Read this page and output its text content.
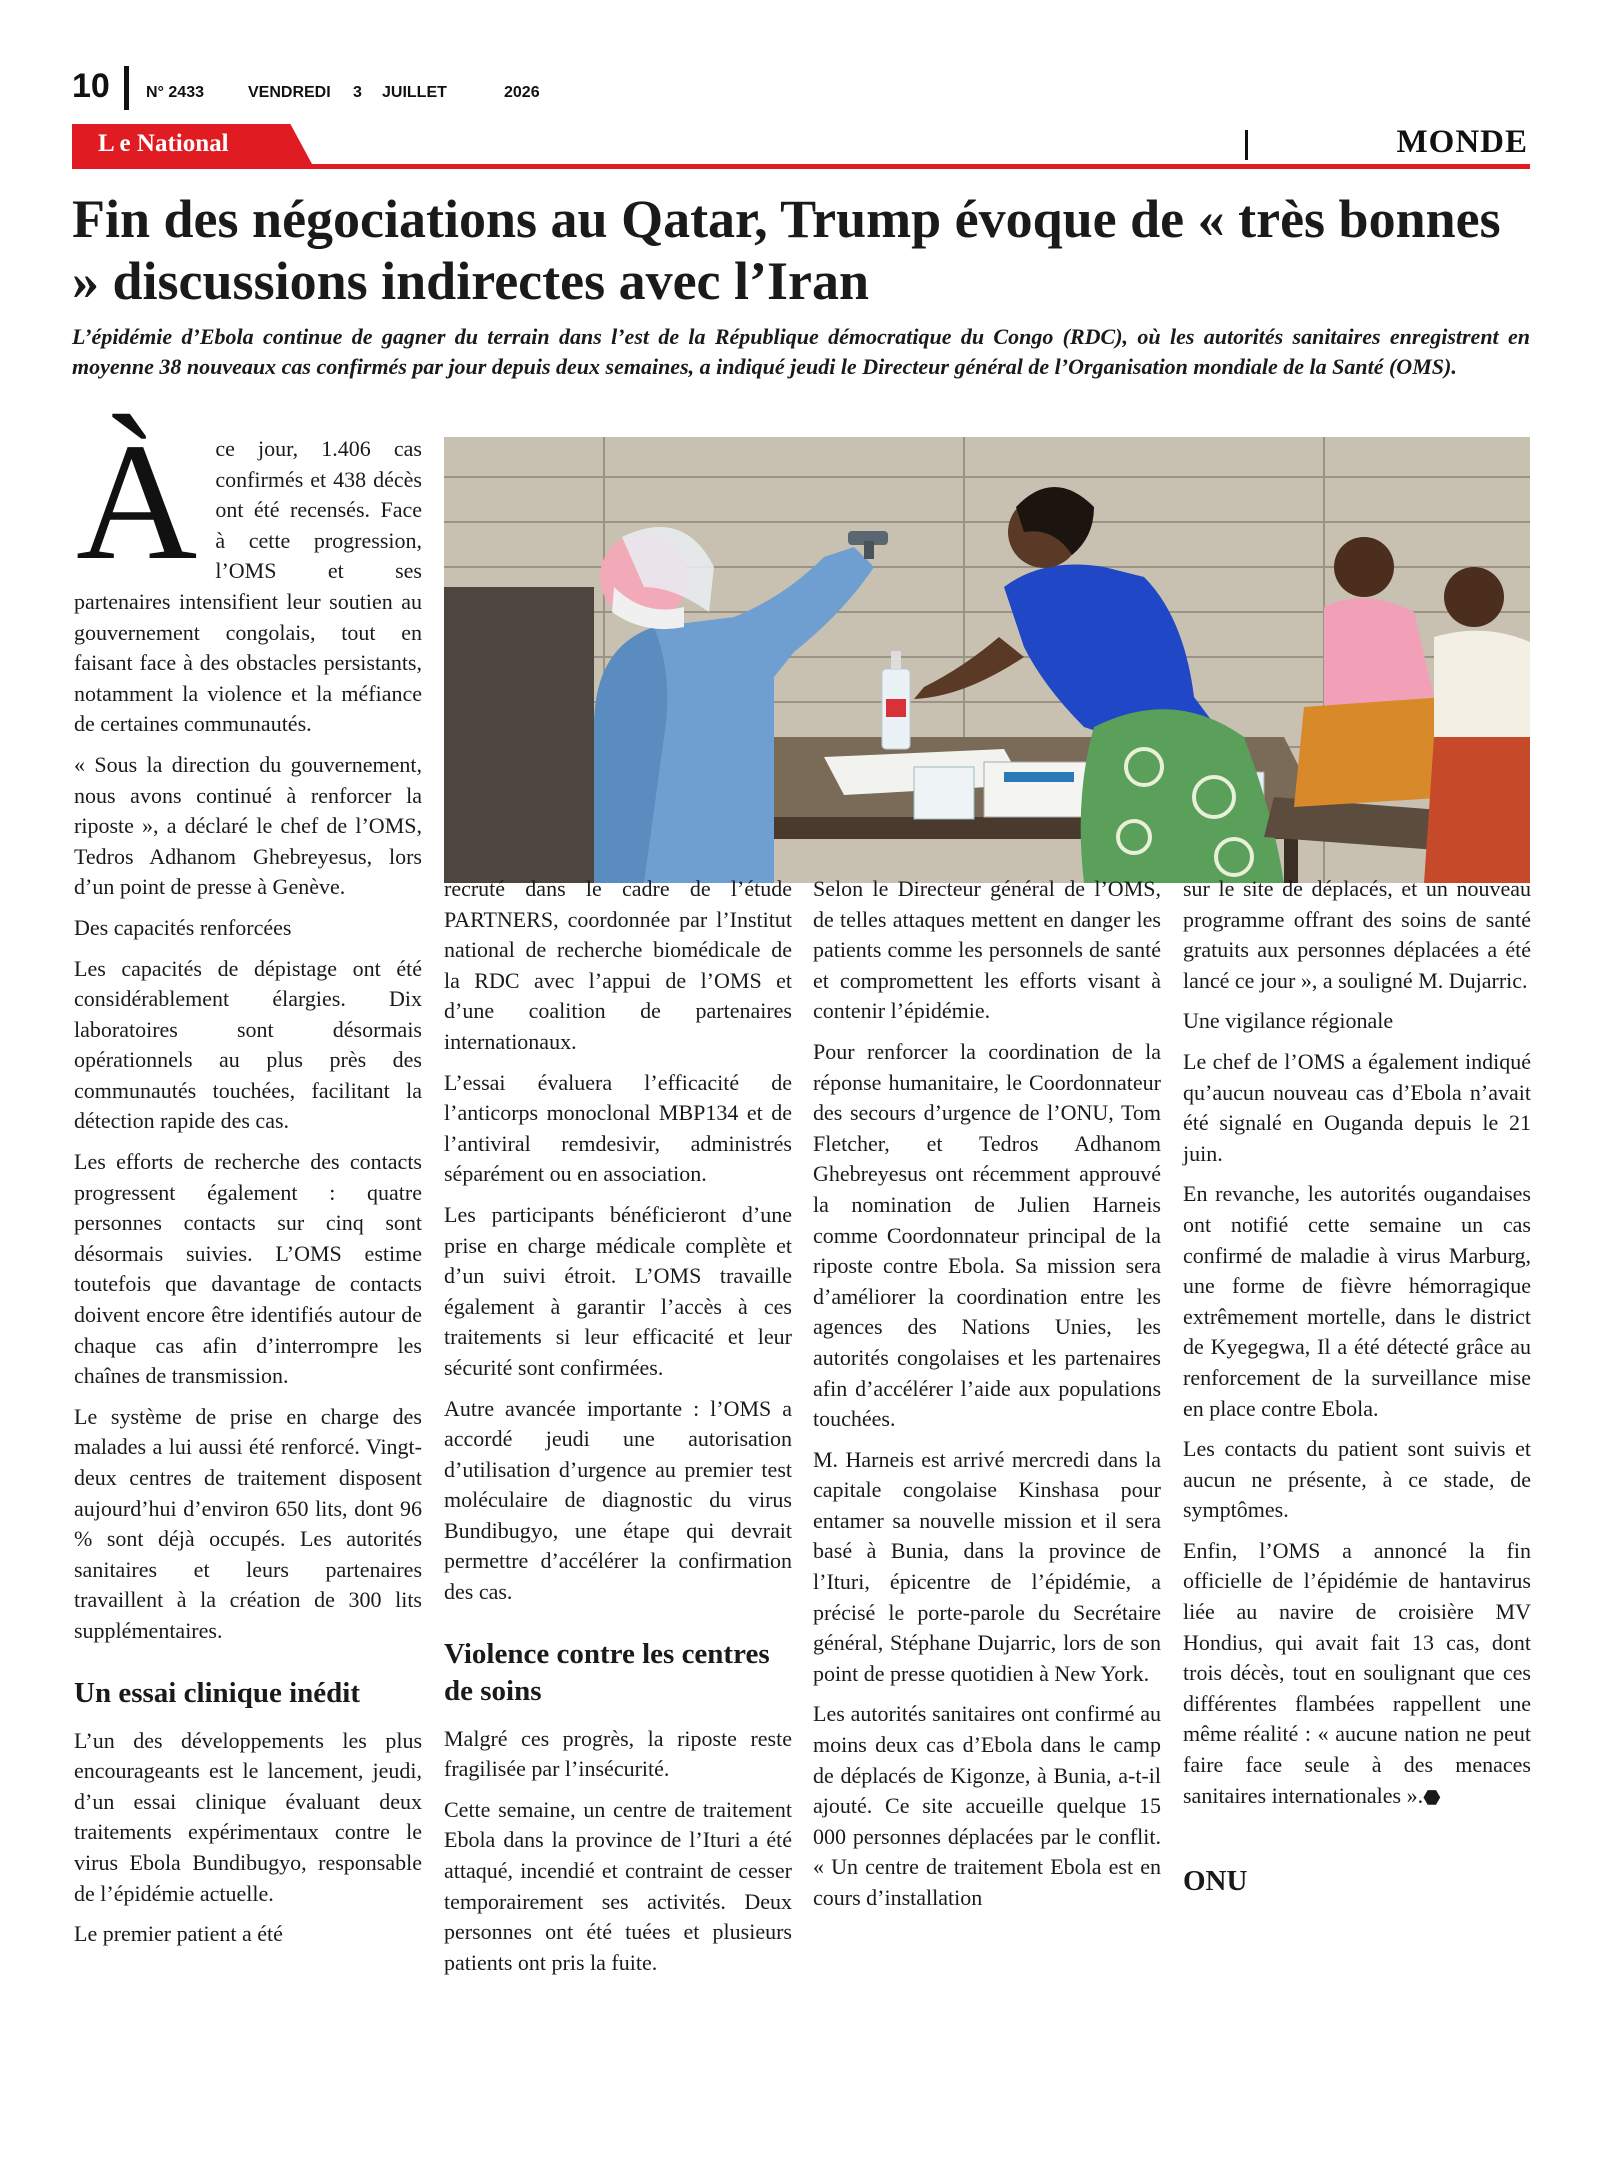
10 N° 2433	VENDREDI 3 JUILLET	2026
L e National	MONDE
Fin des négociations au Qatar, Trump évoque de « très bonnes » discussions indirectes avec l’Iran

L’épidémie d’Ebola continue de gagner du terrain dans l’est de la République démocratique du Congo (RDC), où les autorités sanitaires enregistrent en moyenne 38 nouveaux cas confirmés par jour depuis deux semaines, a indiqué jeudi le Directeur général de l’Organisation mondiale de la Santé (OMS).

Àce jour, 1.406 cas confirmés et 438 décès ont été recensés. Face à cette progression, l’OMS et ses partenaires intensifient leur soutien au gouvernement congolais, tout en faisant face à des obstacles persistants, notamment la violence et la méfiance de certaines communautés.

« Sous la direction du gouvernement, nous avons continué à renforcer la riposte », a déclaré le chef de l’OMS, Tedros Adhanom Ghebreyesus, lors d’un point de presse à Genève.

Des capacités renforcées

Les capacités de dépistage ont été considérablement élargies. Dix laboratoires sont désormais opérationnels au plus près des communautés touchées, facilitant la détection rapide des cas.

Les efforts de recherche des contacts progressent également : quatre personnes contacts sur cinq sont désormais suivies. L’OMS estime toutefois que davantage de contacts doivent encore être identifiés autour de chaque cas afin d’interrompre les chaînes de transmission.

Le système de prise en charge des malades a lui aussi été renforcé. Vingt-deux centres de traitement disposent aujourd’hui d’environ 650 lits, dont 96 % sont déjà occupés. Les autorités sanitaires et leurs partenaires travaillent à la création de 300 lits supplémentaires.

Un essai clinique inédit

L’un des développements les plus encourageants est le lancement, jeudi, d’un essai clinique évaluant deux traitements expérimentaux contre le virus Ebola Bundibugyo, responsable de l’épidémie actuelle.

Le premier patient a été

recruté dans le cadre de l’étude PARTNERS, coordonnée par l’Institut national de recherche biomédicale de la RDC avec l’appui de l’OMS et d’une coalition de partenaires internationaux.

L’essai évaluera l’efficacité de l’anticorps monoclonal MBP134 et de l’antiviral remdesivir, administrés séparément ou en association.

Les participants bénéficieront d’une prise en charge médicale complète et d’un suivi étroit. L’OMS travaille également à garantir l’accès à ces traitements si leur efficacité et leur sécurité sont confirmées.

Autre avancée importante : l’OMS a accordé jeudi une autorisation d’utilisation d’urgence au premier test moléculaire de diagnostic du virus Bundibugyo, une étape qui devrait permettre d’accélérer la confirmation des cas.

Violence contre les centres de soins

Malgré ces progrès, la riposte reste fragilisée par l’insécurité.

Cette semaine, un centre de traitement Ebola dans la province de l’Ituri a été attaqué, incendié et contraint de cesser temporairement ses activités. Deux personnes ont été tuées et plusieurs patients ont pris la fuite.

Selon le Directeur général de l’OMS, de telles attaques mettent en danger les patients comme les personnels de santé et compromettent les efforts visant à contenir l’épidémie.

Pour renforcer la coordination de la réponse humanitaire, le Coordonnateur des secours d’urgence de l’ONU, Tom Fletcher, et Tedros Adhanom Ghebreyesus ont récemment approuvé la nomination de Julien Harneis comme Coordonnateur principal de la riposte contre Ebola. Sa mission sera d’améliorer la coordination entre les agences des Nations Unies, les autorités congolaises et les partenaires afin d’accélérer l’aide aux populations touchées.

M. Harneis est arrivé mercredi dans la capitale congolaise Kinshasa pour entamer sa nouvelle mission et il sera basé à Bunia, dans la province de l’Ituri, épicentre de l’épidémie, a précisé le porte-parole du Secrétaire général, Stéphane Dujarric, lors de son point de presse quotidien à New York.

Les autorités sanitaires ont confirmé au moins deux cas d’Ebola dans le camp de déplacés de Kigonze, à Bunia, a-t-il ajouté. Ce site accueille quelque 15 000 personnes déplacées par le conflit. « Un centre de traitement Ebola est en cours d’installation

sur le site de déplacés, et un nouveau programme offrant des soins de santé gratuits aux personnes déplacées a été lancé ce jour », a souligné M. Dujarric.

Une vigilance régionale

Le chef de l’OMS a également indiqué qu’aucun nouveau cas d’Ebola n’avait été signalé en Ouganda depuis le 21 juin.

En revanche, les autorités ougandaises ont notifié cette semaine un cas confirmé de maladie à virus Marburg, une forme de fièvre hémorragique extrêmement mortelle, dans le district de Kyegegwa, Il a été détecté grâce au renforcement de la surveillance mise en place contre Ebola.

Les contacts du patient sont suivis et aucun ne présente, à ce stade, de symptômes.

Enfin, l’OMS a annoncé la fin officielle de l’épidémie de hantavirus liée au navire de croisière MV Hondius, qui avait fait 13 cas, dont trois décès, tout en soulignant que ces différentes flambées rappellent une même réalité : « aucune nation ne peut faire face seule à des menaces sanitaires internationales ».⬣

ONU
